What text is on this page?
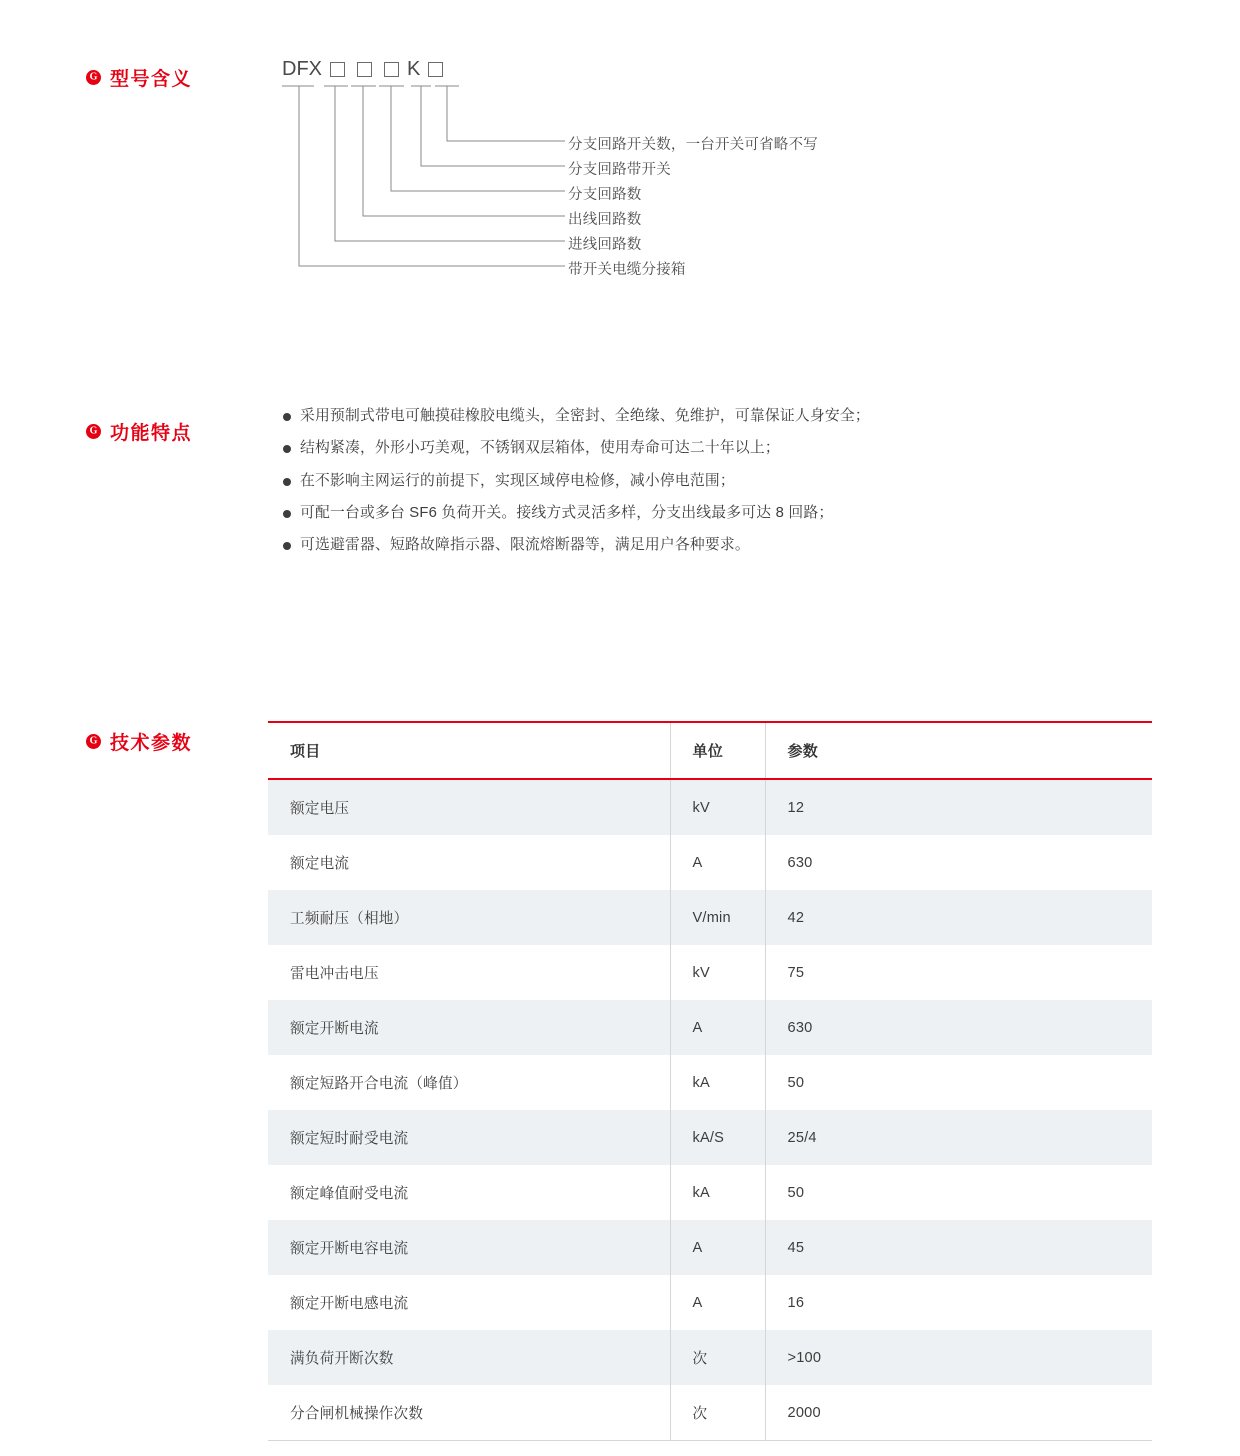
G 型号含义	DFX	K
分支回路开关数，一台开关可省略不写
分支回路带开关
分支回路数
出线回路数
进线回路数
带开关电缆分接箱
G 功能特点
采用预制式带电可触摸硅橡胶电缆头，全密封、全绝缘、免维护，可靠保证人身安全；
结构紧凑，外形小巧美观，不锈钢双层箱体，使用寿命可达二十年以上；
在不影响主网运行的前提下，实现区域停电检修，减小停电范围；
可配一台或多台 SF6 负荷开关。接线方式灵活多样，分支出线最多可达 8 回路；
可选避雷器、短路故障指示器、限流熔断器等，满足用户各种要求。
G 技术参数	项目	单位	参数
额定电压	kV	12
额定电流	A	630
工频耐压（相地）	V/min	42
雷电冲击电压	kV	75
额定开断电流	A	630
额定短路开合电流（峰值）	kA	50
额定短时耐受电流	kA/S	25/4
额定峰值耐受电流	kA	50
额定开断电容电流	A	45
额定开断电感电流	A	16
满负荷开断次数	次	>100
分合闸机械操作次数	次	2000
